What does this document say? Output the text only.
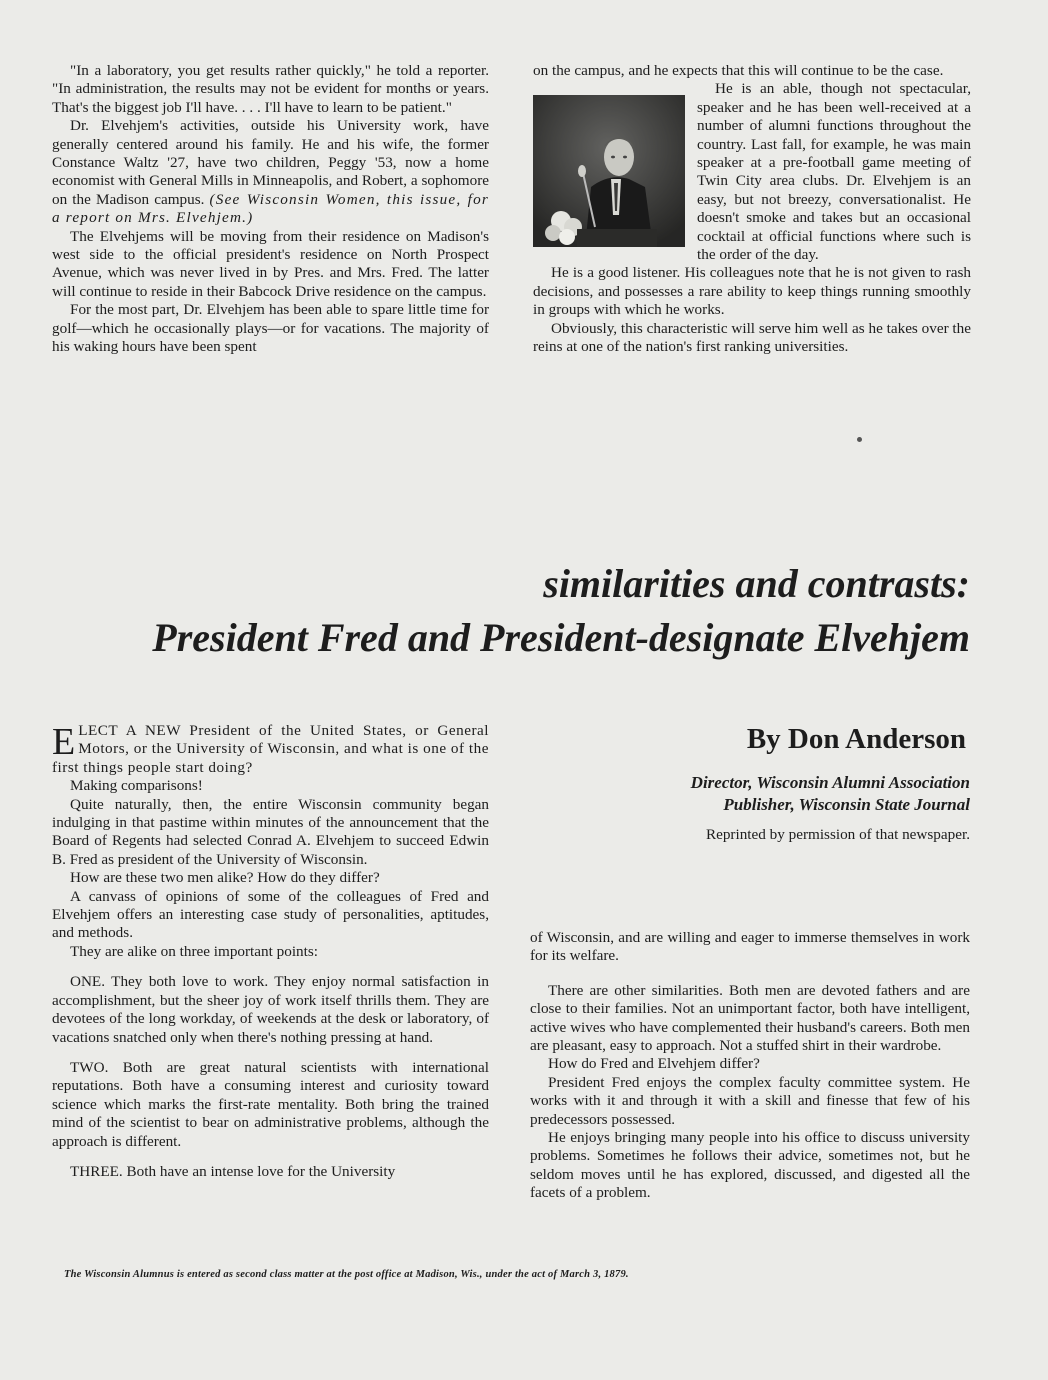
"In a laboratory, you get results rather quickly," he told a reporter. "In administration, the results may not be evident for months or years. That's the biggest job I'll have. . . . I'll have to learn to be patient."

Dr. Elvehjem's activities, outside his University work, have generally centered around his family. He and his wife, the former Constance Waltz '27, have two children, Peggy '53, now a home economist with General Mills in Minneapolis, and Robert, a sophomore on the Madison campus. (See Wisconsin Women, this issue, for a report on Mrs. Elvehjem.)

The Elvehjems will be moving from their residence on Madison's west side to the official president's residence on North Prospect Avenue, which was never lived in by Pres. and Mrs. Fred. The latter will continue to reside in their Babcock Drive residence on the campus.

For the most part, Dr. Elvehjem has been able to spare little time for golf—which he occasionally plays—or for vacations. The majority of his waking hours have been spent

on the campus, and he expects that this will continue to be the case.

He is an able, though not spectacular, speaker and he has been well-received at a number of alumni functions throughout the country. Last fall, for example, he was main speaker at a pre-football game meeting of Twin City area clubs. Dr. Elvehjem is an easy, but not breezy, conversationalist. He doesn't smoke and takes but an occasional cocktail at official functions where such is the order of the day.

He is a good listener. His colleagues note that he is not given to rash decisions, and possesses a rare ability to keep things running smoothly in groups with which he works.

Obviously, this characteristic will serve him well as he takes over the reins at one of the nation's first ranking universities.

similarities and contrasts:
President Fred and President-designate Elvehjem
By Don Anderson
Director, Wisconsin Alumni Association
Publisher, Wisconsin State Journal
Reprinted by permission of that newspaper.

ELECT A NEW President of the United States, or General Motors, or the University of Wisconsin, and what is one of the first things people start doing?

Making comparisons!

Quite naturally, then, the entire Wisconsin community began indulging in that pastime within minutes of the announcement that the Board of Regents had selected Conrad A. Elvehjem to succeed Edwin B. Fred as president of the University of Wisconsin.

How are these two men alike? How do they differ?

A canvass of opinions of some of the colleagues of Fred and Elvehjem offers an interesting case study of personalities, aptitudes, and methods.

They are alike on three important points:

ONE. They both love to work. They enjoy normal satisfaction in accomplishment, but the sheer joy of work itself thrills them. They are devotees of the long workday, of weekends at the desk or laboratory, of vacations snatched only when there's nothing pressing at hand.

TWO. Both are great natural scientists with international reputations. Both have a consuming interest and curiosity toward science which marks the first-rate mentality. Both bring the trained mind of the scientist to bear on administrative problems, although the approach is different.

THREE. Both have an intense love for the University

of Wisconsin, and are willing and eager to immerse themselves in work for its welfare.

There are other similarities. Both men are devoted fathers and are close to their families. Not an unimportant factor, both have intelligent, active wives who have complemented their husband's careers. Both men are pleasant, easy to approach. Not a stuffed shirt in their wardrobe.

How do Fred and Elvehjem differ?

President Fred enjoys the complex faculty committee system. He works with it and through it with a skill and finesse that few of his predecessors possessed.

He enjoys bringing many people into his office to discuss university problems. Sometimes he follows their advice, sometimes not, but he seldom moves until he has explored, discussed, and digested all the facets of a problem.

The Wisconsin Alumnus is entered as second class matter at the post office at Madison, Wis., under the act of March 3, 1879.
